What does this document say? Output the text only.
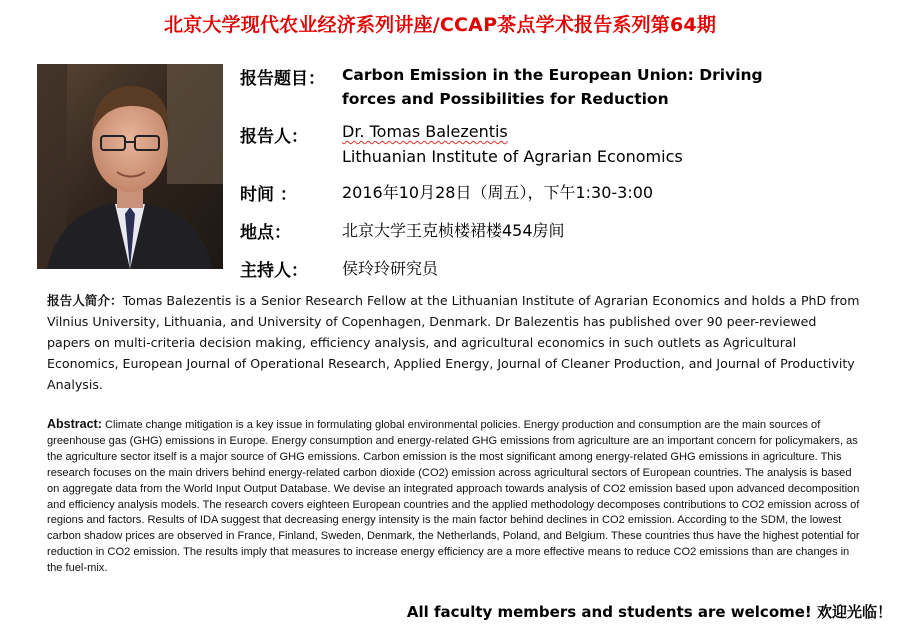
北京大学现代农业经济系列讲座/CCAP茶点学术报告系列第64期
报告题目： Carbon Emission in the European Union: Driving
forces and Possibilities for Reduction
报告人： Dr. Tomas Balezentis
Lithuanian Institute of Agrarian Economics
时间 ：	2016年10月28日（周五），下午1:30-3:00
地点：	北京大学王克桢楼裙楼454房间
主持人： 侯玲玲研究员
报告人简介：Tomas Balezentis is a Senior Research Fellow at the Lithuanian Institute of Agrarian Economics and holds a PhD from Vilnius University, Lithuania, and University of Copenhagen, Denmark. Dr Balezentis has published over 90 peer-reviewed papers on multi-criteria decision making, efficiency analysis, and agricultural economics in such outlets as Agricultural Economics, European Journal of Operational Research, Applied Energy, Journal of Cleaner Production, and Journal of Productivity Analysis.
Abstract: Climate change mitigation is a key issue in formulating global environmental policies. Energy production and consumption are the main sources of greenhouse gas (GHG) emissions in Europe. Energy consumption and energy-related GHG emissions from agriculture are an important concern for policymakers, as the agriculture sector itself is a major source of GHG emissions. Carbon emission is the most significant among energy-related GHG emissions in agriculture. This research focuses on the main drivers behind energy-related carbon dioxide (CO2) emission across agricultural sectors of European countries. The analysis is based on aggregate data from the World Input Output Database. We devise an integrated approach towards analysis of CO2 emission based upon advanced decomposition and efficiency analysis models. The research covers eighteen European countries and the applied methodology decomposes contributions to CO2 emission across of regions and factors. Results of IDA suggest that decreasing energy intensity is the main factor behind declines in CO2 emission. According to the SDM, the lowest carbon shadow prices are observed in France, Finland, Sweden, Denmark, the Netherlands, Poland, and Belgium. These countries thus have the highest potential for reduction in CO2 emission. The results imply that measures to increase energy efficiency are a more effective means to reduce CO2 emissions than are changes in the fuel-mix.
All faculty members and students are welcome! 欢迎光临！
